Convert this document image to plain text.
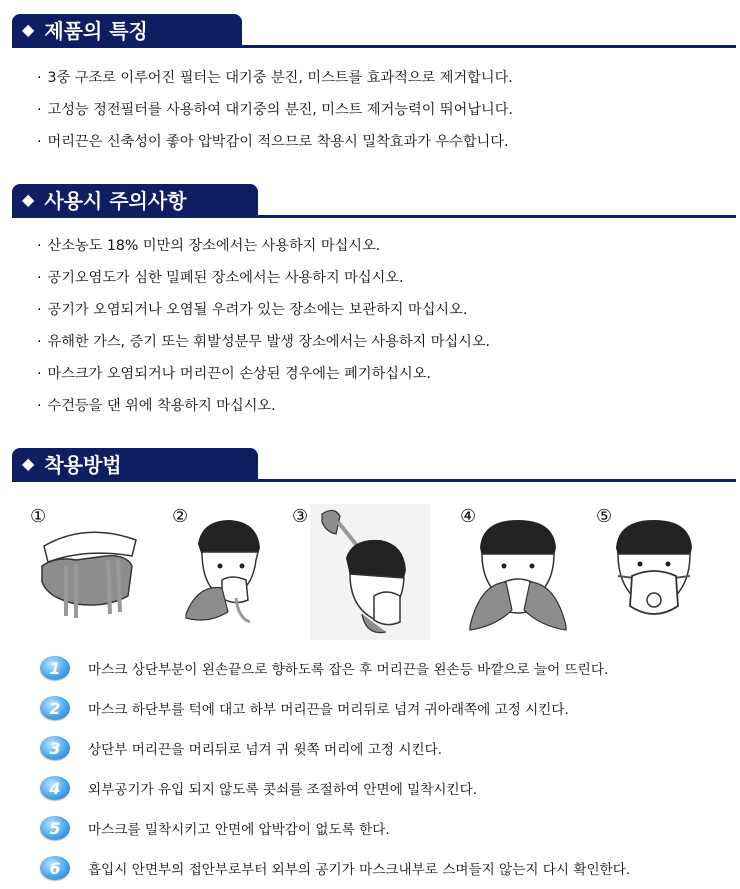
◆ 제품의 특징
· 3중 구조로 이루어진 필터는 대기중 분진, 미스트를 효과적으로 제거합니다.
· 고성능 정전필터를 사용하여 대기중의 분진, 미스트 제거능력이 뛰어납니다.
· 머리끈은 신축성이 좋아 압박감이 적으므로 착용시 밀착효과가 우수합니다.
◆ 사용시 주의사항
· 산소농도 18% 미만의 장소에서는 사용하지 마십시오.
· 공기오염도가 심한 밀폐된 장소에서는 사용하지 마십시오.
· 공기가 오염되거나 오염될 우려가 있는 장소에는 보관하지 마십시오.
· 유해한 가스, 증기 또는 휘발성분무 발생 장소에서는 사용하지 마십시오.
· 마스크가 오염되거나 머리끈이 손상된 경우에는 폐기하십시오.
· 수건등을 댄 위에 착용하지 마십시오.
◆ 착용방법
①	②	③	④	⑤
1	마스크 상단부분이 왼손끝으로 향하도록 잡은 후 머리끈을 왼손등 바깥으로 늘어 뜨린다.
2	마스크 하단부를 턱에 대고 하부 머리끈을 머리뒤로 넘겨 귀아래쪽에 고정 시킨다.
3	상단부 머리끈을 머리뒤로 넘겨 귀 윗쪽 머리에 고정 시킨다.
4	외부공기가 유입 되지 않도록 콧쇠를 조절하여 안면에 밀착시킨다.
5	마스크를 밀착시키고 안면에 압박감이 없도록 한다.
6	흡입시 안면부의 접안부로부터 외부의 공기가 마스크내부로 스며들지 않는지 다시 확인한다.
